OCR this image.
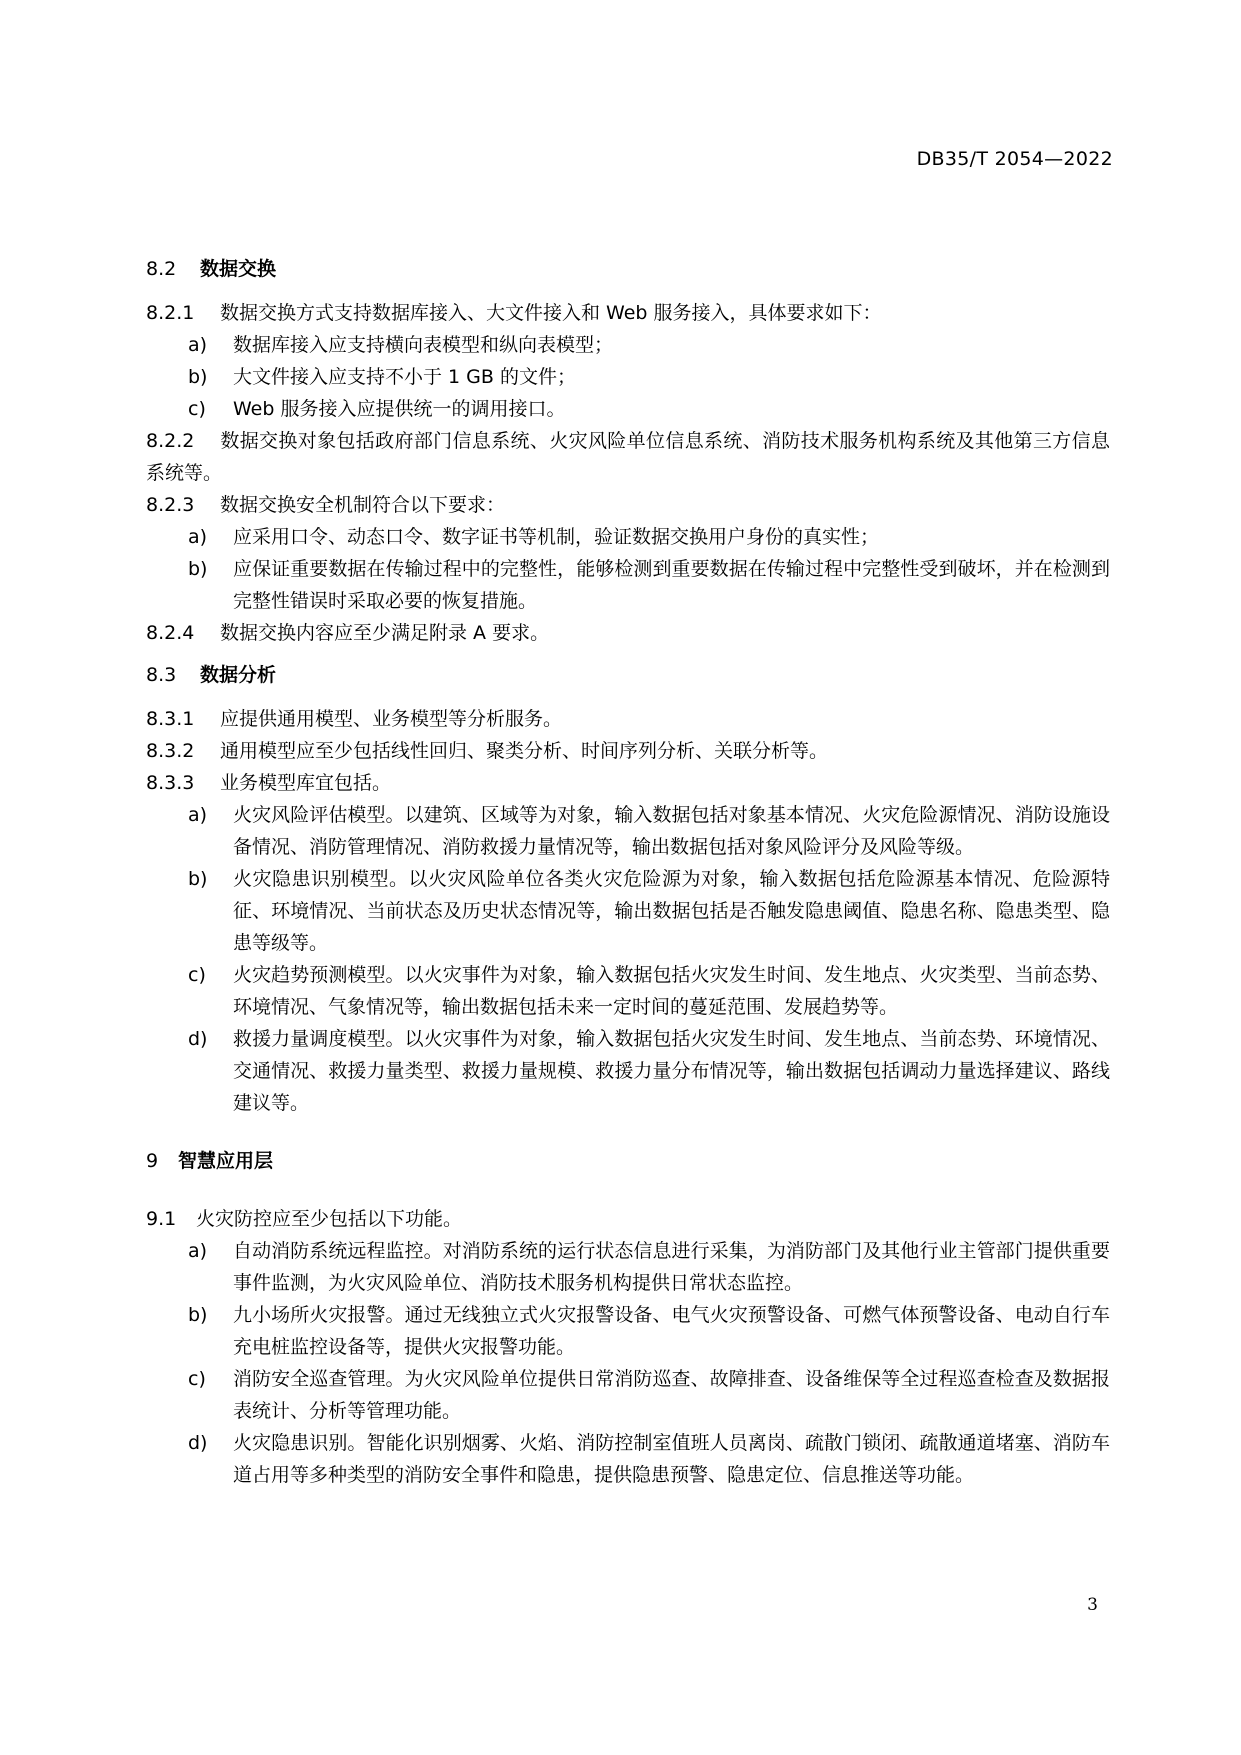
DB35/T 2054—2022
8.2 数据交换
8.2.1 数据交换方式支持数据库接入、大文件接入和 Web 服务接入，具体要求如下：
a)	数据库接入应支持横向表模型和纵向表模型；
b)	大文件接入应支持不小于 1 GB 的文件；
c)	Web 服务接入应提供统一的调用接口。
8.2.2 数据交换对象包括政府部门信息系统、火灾风险单位信息系统、消防技术服务机构系统及其他第三方信息系统等。
8.2.3 数据交换安全机制符合以下要求：
a)	应采用口令、动态口令、数字证书等机制，验证数据交换用户身份的真实性；
b)	应保证重要数据在传输过程中的完整性，能够检测到重要数据在传输过程中完整性受到破坏，并在检测到完整性错误时采取必要的恢复措施。
8.2.4 数据交换内容应至少满足附录 A 要求。
8.3 数据分析
8.3.1 应提供通用模型、业务模型等分析服务。
8.3.2 通用模型应至少包括线性回归、聚类分析、时间序列分析、关联分析等。
8.3.3 业务模型库宜包括。
a)	火灾风险评估模型。以建筑、区域等为对象，输入数据包括对象基本情况、火灾危险源情况、消防设施设备情况、消防管理情况、消防救援力量情况等，输出数据包括对象风险评分及风险等级。
b)	火灾隐患识别模型。以火灾风险单位各类火灾危险源为对象，输入数据包括危险源基本情况、危险源特征、环境情况、当前状态及历史状态情况等，输出数据包括是否触发隐患阈值、隐患名称、隐患类型、隐患等级等。
c)	火灾趋势预测模型。以火灾事件为对象，输入数据包括火灾发生时间、发生地点、火灾类型、当前态势、环境情况、气象情况等，输出数据包括未来一定时间的蔓延范围、发展趋势等。
d)	救援力量调度模型。以火灾事件为对象，输入数据包括火灾发生时间、发生地点、当前态势、环境情况、交通情况、救援力量类型、救援力量规模、救援力量分布情况等，输出数据包括调动力量选择建议、路线建议等。
9 智慧应用层
9.1 火灾防控应至少包括以下功能。
a)	自动消防系统远程监控。对消防系统的运行状态信息进行采集，为消防部门及其他行业主管部门提供重要事件监测，为火灾风险单位、消防技术服务机构提供日常状态监控。
b)	九小场所火灾报警。通过无线独立式火灾报警设备、电气火灾预警设备、可燃气体预警设备、电动自行车充电桩监控设备等，提供火灾报警功能。
c)	消防安全巡查管理。为火灾风险单位提供日常消防巡查、故障排查、设备维保等全过程巡查检查及数据报表统计、分析等管理功能。
d)	火灾隐患识别。智能化识别烟雾、火焰、消防控制室值班人员离岗、疏散门锁闭、疏散通道堵塞、消防车道占用等多种类型的消防安全事件和隐患，提供隐患预警、隐患定位、信息推送等功能。
3
